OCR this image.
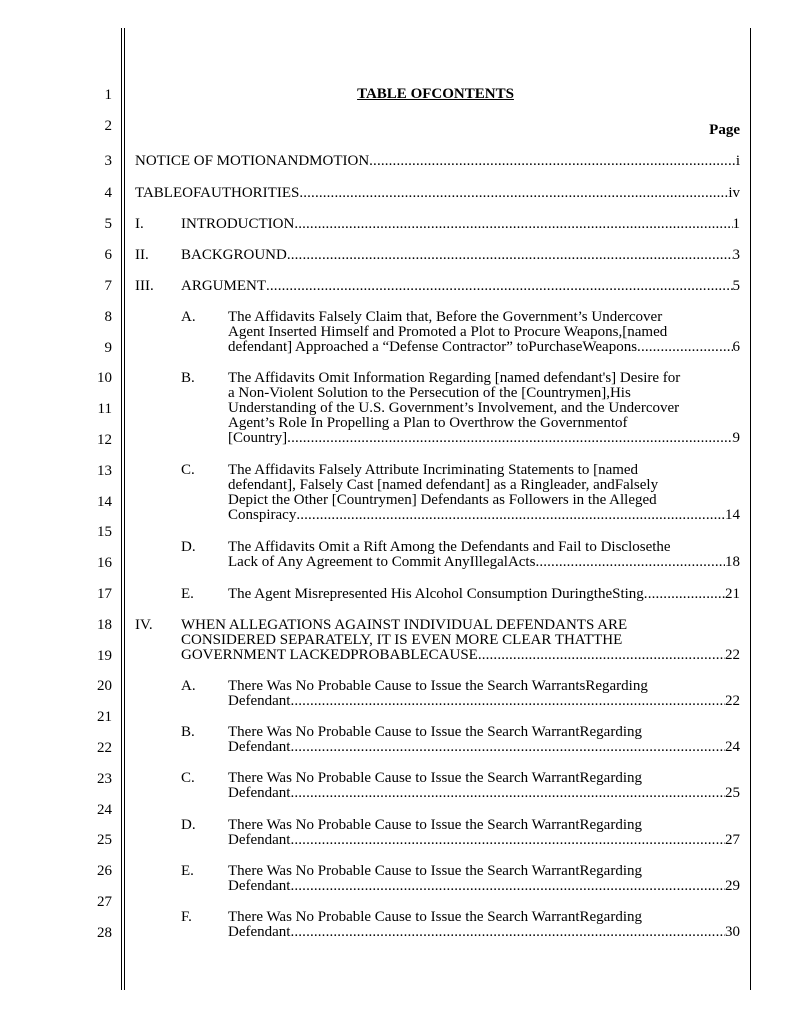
1
2
3
4
5
6
7
8
9
10
11
12
13
14
15
16
17
18
19
20
21
22
23
24
25
26
27
28
TABLE OFCONTENTS
Page
NOTICE OF MOTIONANDMOTION . . .	i
TABLEOFAUTHORITIES . . .	iv
I. INTRODUCTION . . .	1
II. BACKGROUND . . .	3
III. ARGUMENT . . .	5
A. The Affidavits Falsely Claim that, Before the Government’s Undercover
Agent Inserted Himself and Promoted a Plot to Procure Weapons,[named
defendant] Approached a “Defense Contractor” toPurchaseWeapons . . .	6
B. The Affidavits Omit Information Regarding [named defendant's] Desire for
a Non-Violent Solution to the Persecution of the [Countrymen],His
Understanding of the U.S. Government’s Involvement, and the Undercover
Agent’s Role In Propelling a Plan to Overthrow the Governmentof
[Country] . . .	9
C. The Affidavits Falsely Attribute Incriminating Statements to [named
defendant], Falsely Cast [named defendant] as a Ringleader, andFalsely
Depict the Other [Countrymen] Defendants as Followers in the Alleged
Conspiracy . . .	14
D. The Affidavits Omit a Rift Among the Defendants and Fail to Disclosethe
Lack of Any Agreement to Commit AnyIllegalActs . . .	18
E. The Agent Misrepresented His Alcohol Consumption DuringtheSting . . .	21
IV. WHEN ALLEGATIONS AGAINST INDIVIDUAL DEFENDANTS ARE
CONSIDERED SEPARATELY, IT IS EVEN MORE CLEAR THATTHE
GOVERNMENT LACKEDPROBABLECAUSE . . .	22
A. There Was No Probable Cause to Issue the Search WarrantsRegarding
Defendant . . .	22
B. There Was No Probable Cause to Issue the Search WarrantRegarding
Defendant . . .	24
C. There Was No Probable Cause to Issue the Search WarrantRegarding
Defendant . . .	25
D. There Was No Probable Cause to Issue the Search WarrantRegarding
Defendant . . .	27
E. There Was No Probable Cause to Issue the Search WarrantRegarding
Defendant . . .	29
F. There Was No Probable Cause to Issue the Search WarrantRegarding
Defendant . . .	30
